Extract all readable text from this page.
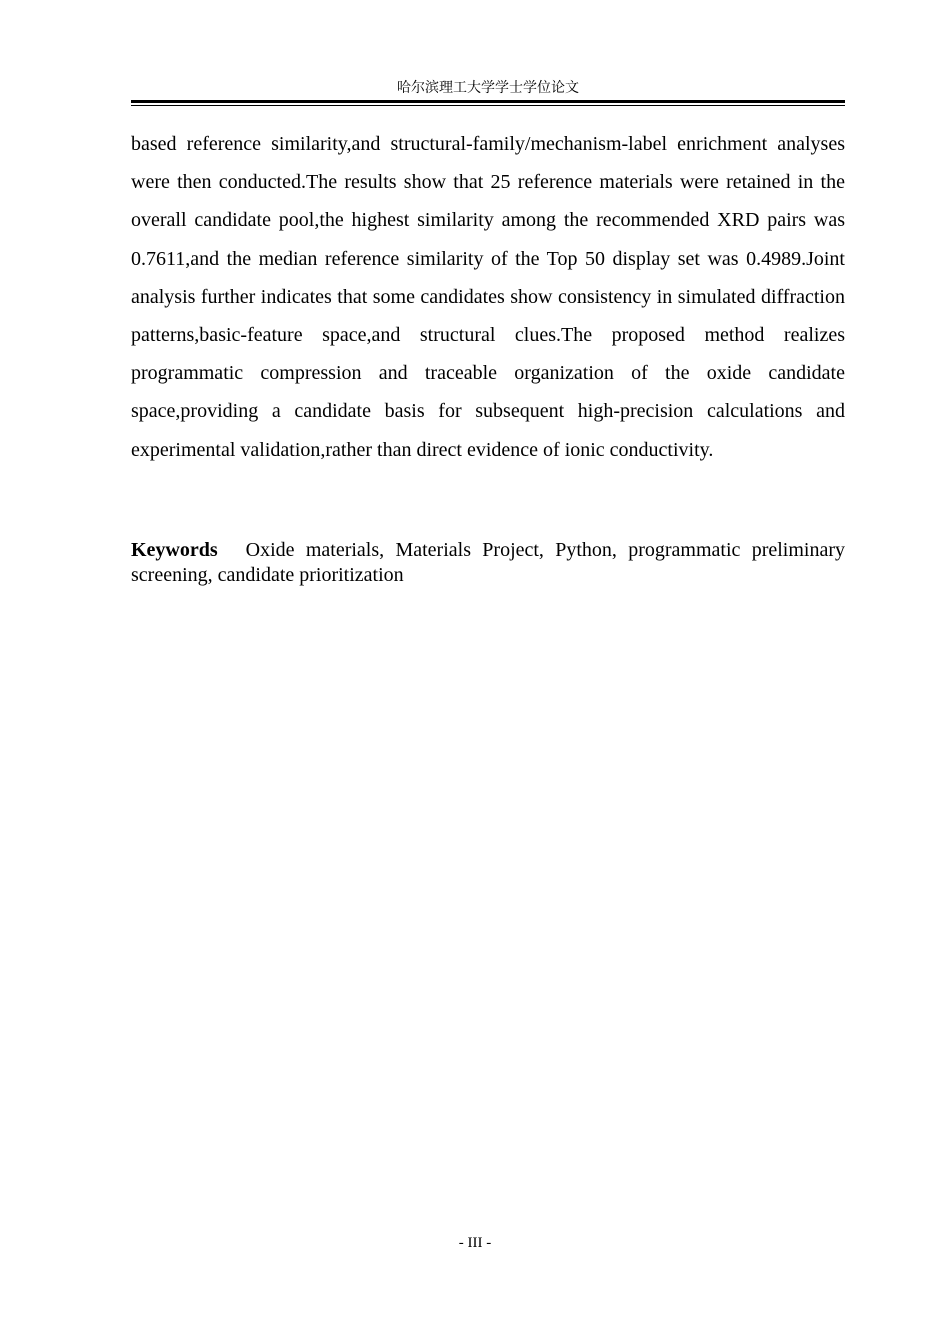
哈尔滨理工大学学士学位论文

based reference similarity,and structural-family/mechanism-label enrichment analyses were then conducted.The results show that 25 reference materials were retained in the overall candidate pool,the highest similarity among the recommended XRD pairs was 0.7611,and the median reference similarity of the Top 50 display set was 0.4989.Joint analysis further indicates that some candidates show consistency in simulated diffraction patterns,basic-feature space,and structural clues.The proposed method realizes programmatic compression and traceable organization of the oxide candidate space,providing a candidate basis for subsequent high-precision calculations and experimental validation,rather than direct evidence of ionic conductivity.

Keywords Oxide materials, Materials Project, Python, programmatic preliminary screening, candidate prioritization

- III -
